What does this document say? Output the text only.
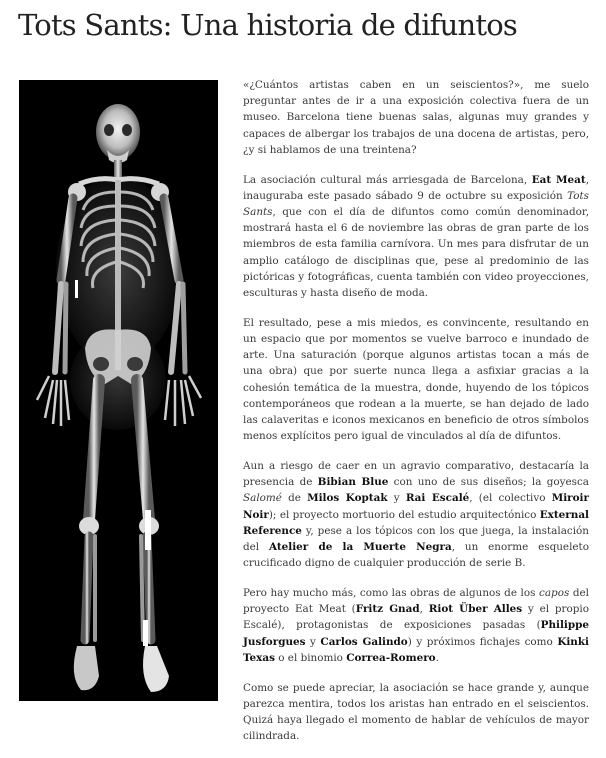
Tots Sants: Una historia de difuntos

«¿Cuántos artistas caben en un seiscientos?», me suelo preguntar antes de ir a una exposición colectiva fuera de un museo. Barcelona tiene buenas salas, algunas muy grandes y capaces de albergar los trabajos de una docena de artistas, pero, ¿y si hablamos de una treintena?

La asociación cultural más arriesgada de Barcelona, Eat Meat, inauguraba este pasado sábado 9 de octubre su exposición Tots Sants, que con el día de difuntos como común denominador, mostrará hasta el 6 de noviembre las obras de gran parte de los miembros de esta familia carnívora. Un mes para disfrutar de un amplio catálogo de disciplinas que, pese al predominio de las pictóricas y fotográficas, cuenta también con video proyecciones, esculturas y hasta diseño de moda.

El resultado, pese a mis miedos, es convincente, resultando en un espacio que por momentos se vuelve barroco e inundado de arte. Una saturación (porque algunos artistas tocan a más de una obra) que por suerte nunca llega a asfixiar gracias a la cohesión temática de la muestra, donde, huyendo de los tópicos contemporáneos que rodean a la muerte, se han dejado de lado las calaveritas e iconos mexicanos en beneficio de otros símbolos menos explícitos pero igual de vinculados al día de difuntos.

Aun a riesgo de caer en un agravio comparativo, destacaría la presencia de Bibian Blue con uno de sus diseños; la goyesca Salomé de Milos Koptak y Rai Escalé, (el colectivo Miroir Noir); el proyecto mortuorio del estudio arquitectónico External Reference y, pese a los tópicos con los que juega, la instalación del Atelier de la Muerte Negra, un enorme esqueleto crucificado digno de cualquier producción de serie B.

Pero hay mucho más, como las obras de algunos de los capos del proyecto Eat Meat (Fritz Gnad, Riot Über Alles y el propio Escalé), protagonistas de exposiciones pasadas (Philippe Jusforgues y Carlos Galindo) y próximos fichajes como Kinki Texas o el binomio Correa-Romero.

Como se puede apreciar, la asociación se hace grande y, aunque parezca mentira, todos los aristas han entrado en el seiscientos. Quizá haya llegado el momento de hablar de vehículos de mayor cilindrada.
